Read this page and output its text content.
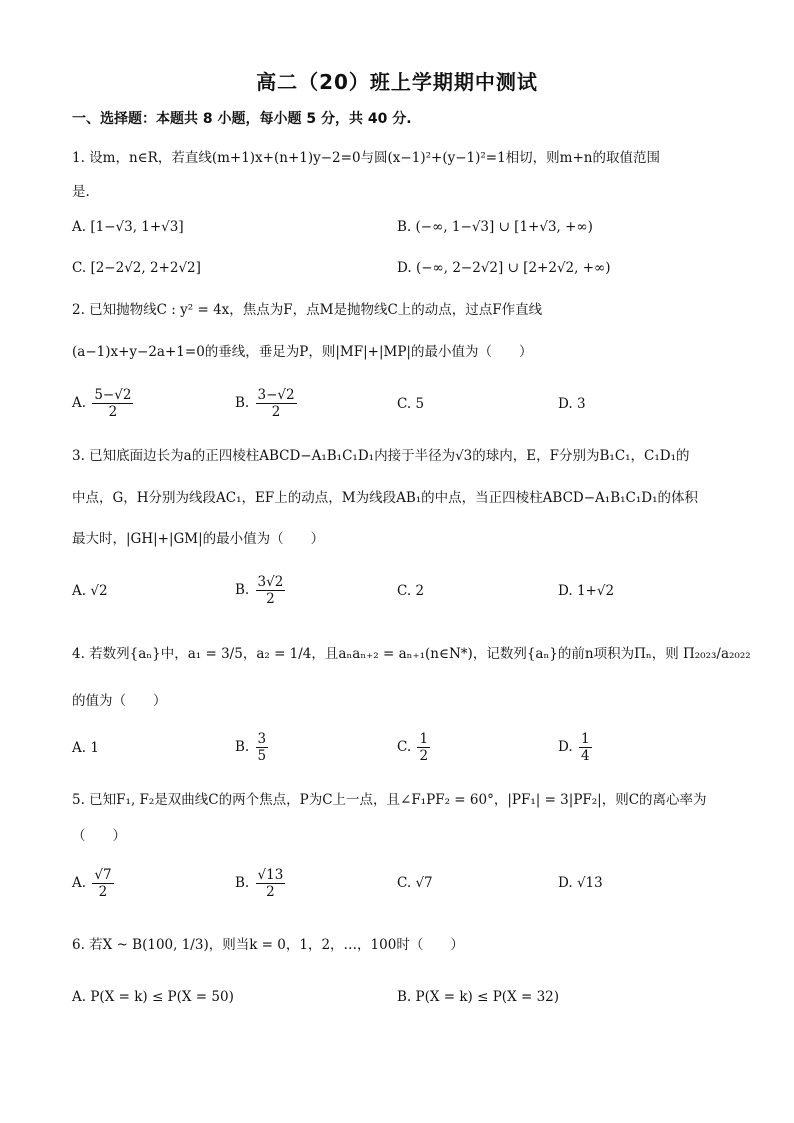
高二（20）班上学期期中测试
一、选择题：本题共 8 小题，每小题 5 分，共 40 分.
1. 设m，n∈R，若直线(m+1)x+(n+1)y−2=0与圆(x−1)²+(y−1)²=1相切，则m+n的取值范围
是.
A. [1−√3, 1+√3]	B. (−∞, 1−√3] ∪ [1+√3, +∞)
C. [2−2√2, 2+2√2]	D. (−∞, 2−2√2] ∪ [2+2√2, +∞)
2. 已知抛物线C : y² = 4x，焦点为F，点M是抛物线C上的动点，过点F作直线
(a−1)x+y−2a+1=0的垂线，垂足为P，则|MF|+|MP|的最小值为（　　）
A. $\frac{5-√2}{2}$	B. $\frac{3-√2}{2}$	C. 5	D. 3
3. 已知底面边长为a的正四棱柱ABCD−A₁B₁C₁D₁内接于半径为√3的球内，E，F分别为B₁C₁，C₁D₁的
中点，G，H分别为线段AC₁，EF上的动点，M为线段AB₁的中点，当正四棱柱ABCD−A₁B₁C₁D₁的体积
最大时，|GH|+|GM|的最小值为（　　）
A. √2	B. $\frac{3√2}{2}$	C. 2	D. 1+√2
4. 若数列{aₙ}中，a₁ = 3/5，a₂ = 1/4，且aₙaₙ₊₂ = aₙ₊₁(n∈N*)，记数列{aₙ}的前n项积为Πₙ，则 Π₂₀₂₃/a₂₀₂₂
的值为（　　）
A. 1	B. $\frac{3}{5}$	C. $\frac{1}{2}$	D. $\frac{1}{4}$
5. 已知F₁, F₂是双曲线C的两个焦点，P为C上一点，且∠F₁PF₂ = 60°，|PF₁| = 3|PF₂|，则C的离心率为
（　　）
A. $\frac{√7}{2}$	B. $\frac{√13}{2}$	C. √7	D. √13
6. 若X ~ B(100, 1/3)，则当k = 0，1，2，…，100时（　　）
A. P(X = k) ≤ P(X = 50)	B. P(X = k) ≤ P(X = 32)
